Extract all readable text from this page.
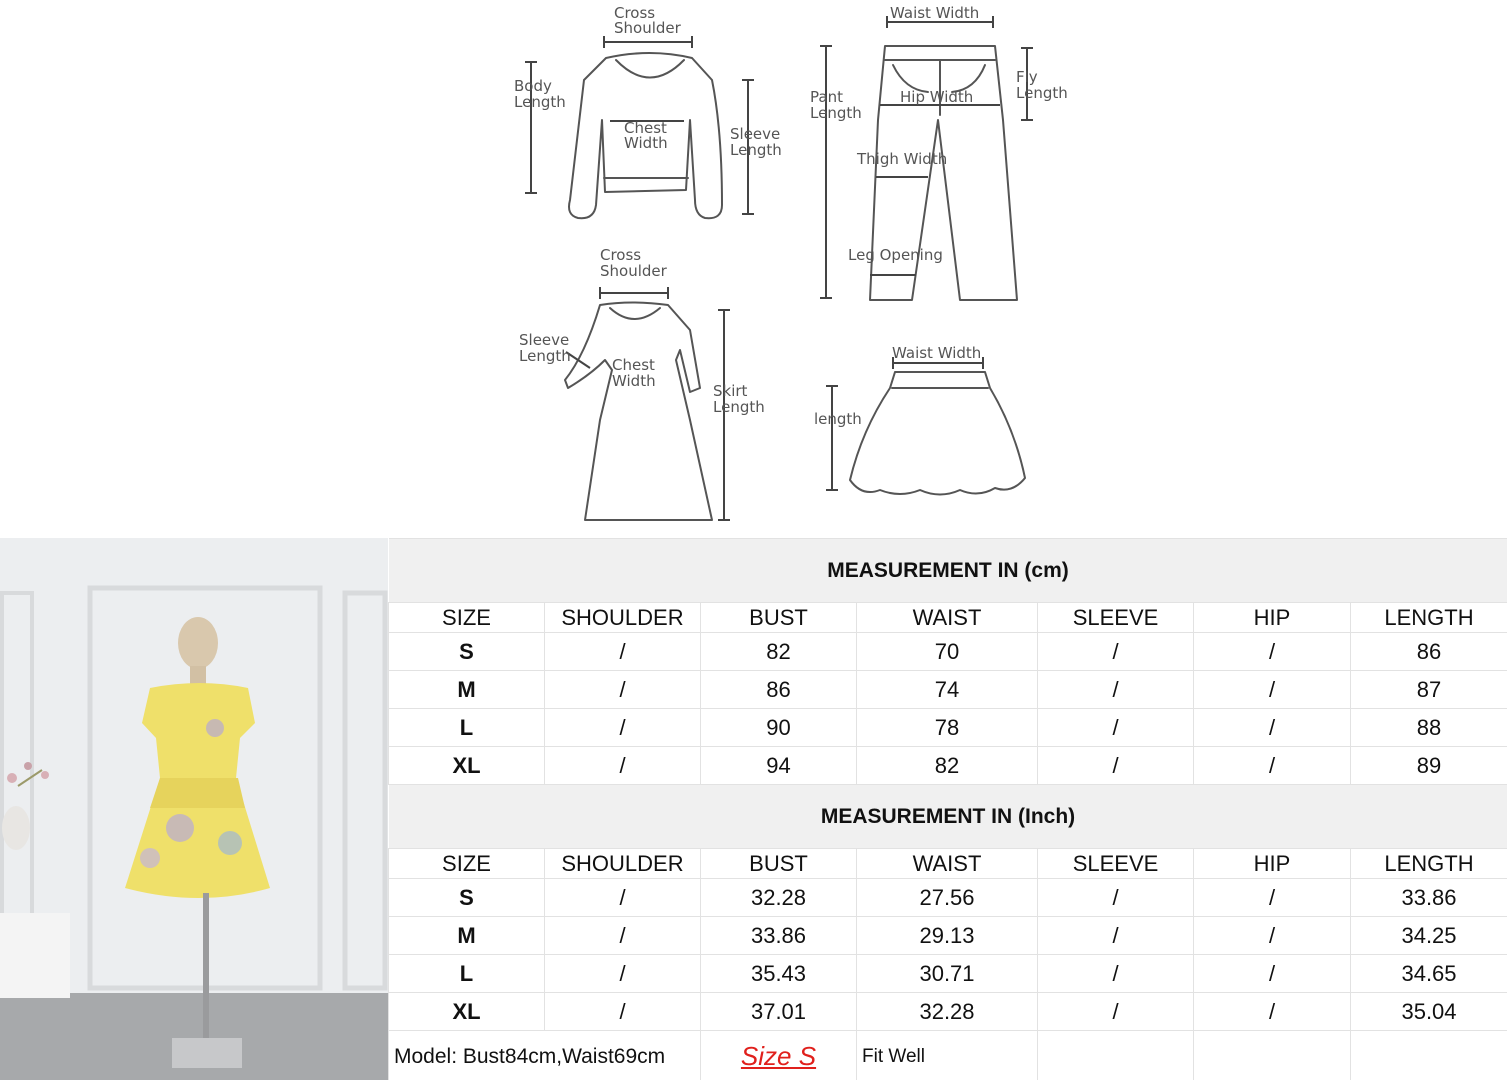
Cross
Shoulder
Body
Length
Chest
Width	Sleeve
Length
Waist Width
Pant
Length
Hip Width
Fly
Length
Thigh Width
Leg Opening
Cross
Shoulder
Sleeve
Length	Chest
Width
Skirt
Length
Waist Width
length
MEASUREMENT IN (cm)						
SIZE	SHOULDER	BUST	WAIST	SLEEVE	HIP	LENGTH
S	/	82	70	/	/	86
M	/	86	74	/	/	87
L	/	90	78	/	/	88
XL	/	94	82	/	/	89
MEASUREMENT IN (Inch)						
SIZE	SHOULDER	BUST	WAIST	SLEEVE	HIP	LENGTH
S	/	32.28	27.56	/	/	33.86
M	/	33.86	29.13	/	/	34.25
L	/	35.43	30.71	/	/	34.65
XL	/	37.01	32.28	/	/	35.04
Model: Bust84cm,Waist69cm		Size S	Fit Well			
